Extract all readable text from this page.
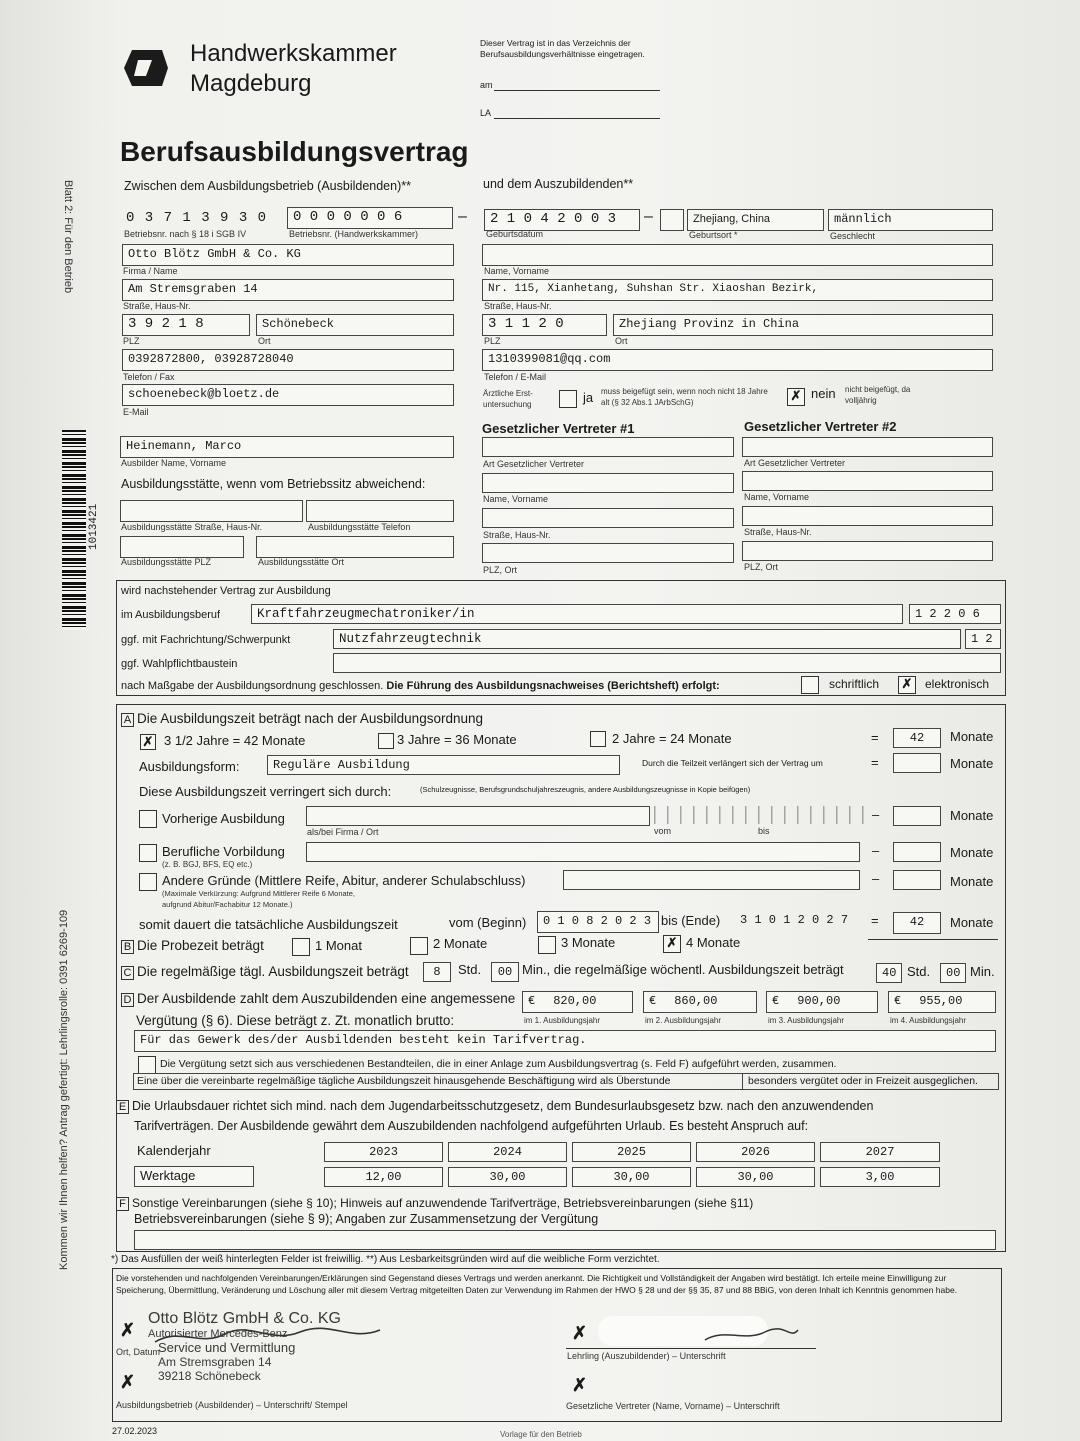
Blatt 2: Für den Betrieb
1013421
Kommen wir Ihnen helfen? Antrag gefertigt: Lehrlingsrolle: 0391 6269-109
Handwerkskammer
Magdeburg
Dieser Vertrag ist in das Verzeichnis der Berufsausbildungsverhältnisse eingetragen.
am
LA
Berufsausbildungsvertrag
Zwischen dem Ausbildungsbetrieb (Ausbildenden)**	und dem Auszubildenden**
0 3 7 1 3 9 3 0
Betriebsnr. nach § 18 i SGB IV
0 0 0 0 0 0 6
Betriebsnr. (Handwerkskammer)
–	2 1 0 4 2 0 0 3
Geburtsdatum
–	Zhejiang, China
Geburtsort *
männlich
Geschlecht
Otto Blötz GmbH & Co. KG
Firma / Name
Am Stremsgraben 14
Straße, Haus-Nr.
3 9 2 1 8
PLZ
Schönebeck
Ort
0392872800, 03928728040
Telefon / Fax
schoenebeck@bloetz.de
E-Mail
Heinemann, Marco
Ausbilder Name, Vorname
Ausbildungsstätte, wenn vom Betriebssitz abweichend:
Ausbildungsstätte Straße, Haus-Nr.	Ausbildungsstätte Telefon
Ausbildungsstätte PLZ	Ausbildungsstätte Ort
Name, Vorname
Nr. 115, Xianhetang, Suhshan Str. Xiaoshan Bezirk,
Straße, Haus-Nr.
3 1 1 2 0
PLZ
Zhejiang Provinz in China
Ort
1310399081@qq.com
Telefon / E-Mail
Ärztliche Erst-untersuchung	ja muss beigefügt sein, wenn noch nicht 18 Jahre alt (§ 32 Abs.1 JArbSchG)	✗ nein nicht beigefügt, da volljährig
Gesetzlicher Vertreter #1	Gesetzlicher Vertreter #2
Art Gesetzlicher Vertreter	Art Gesetzlicher Vertreter
Name, Vorname	Name, Vorname
Straße, Haus-Nr.	Straße, Haus-Nr.
PLZ, Ort	PLZ, Ort
wird nachstehender Vertrag zur Ausbildung
im Ausbildungsberuf	Kraftfahrzeugmechatroniker/in	1 2 2 0 6
ggf. mit Fachrichtung/Schwerpunkt	Nutzfahrzeugtechnik	1 2
ggf. Wahlpflichtbaustein
nach Maßgabe der Ausbildungsordnung geschlossen. Die Führung des Ausbildungsnachweises (Berichtsheft) erfolgt:	schriftlich ✗ elektronisch
A Die Ausbildungszeit beträgt nach der Ausbildungsordnung
✗ 3 1/2 Jahre = 42 Monate	3 Jahre = 36 Monate	2 Jahre = 24 Monate	=	42	Monate
Ausbildungsform:	Reguläre Ausbildung	Durch die Teilzeit verlängert sich der Vertrag um	=	Monate
Diese Ausbildungszeit verringert sich durch:	(Schulzeugnisse, Berufsgrundschuljahreszeugnis, andere Ausbildungszeugnisse in Kopie beifügen)
Vorherige Ausbildung
als/bei Firma / Ort	vom	bis
–	Monate
Berufliche Vorbildung
(z. B. BGJ, BFS, EQ etc.)
–	Monate
Andere Gründe (Mittlere Reife, Abitur, anderer Schulabschluss)
(Maximale Verkürzung: Aufgrund Mittlerer Reife 6 Monate,
aufgrund Abitur/Fachabitur 12 Monate.)
–	Monate
somit dauert die tatsächliche Ausbildungszeit	vom (Beginn)	0 1 0 8 2 0 2 3 bis (Ende)	3 1 0 1 2 0 2 7	=	42	Monate
B Die Probezeit beträgt	1 Monat	2 Monate	3 Monate	✗ 4 Monate
C Die regelmäßige tägl. Ausbildungszeit beträgt	8	Std.	00 Min., die regelmäßige wöchentl. Ausbildungszeit beträgt	40 Std.	00 Min.
D Der Ausbildende zahlt dem Auszubildenden eine angemessene
Vergütung (§ 6). Diese beträgt z. Zt. monatlich brutto:
€ 820,00
im 1. Ausbildungsjahr
€ 860,00
im 2. Ausbildungsjahr
€ 900,00
im 3. Ausbildungsjahr
€ 955,00
im 4. Ausbildungsjahr
Für das Gewerk des/der Ausbildenden besteht kein Tarifvertrag.
Die Vergütung setzt sich aus verschiedenen Bestandteilen, die in einer Anlage zum Ausbildungsvertrag (s. Feld F) aufgeführt werden, zusammen.
Eine über die vereinbarte regelmäßige tägliche Ausbildungszeit hinausgehende Beschäftigung wird als Überstunde	besonders vergütet oder in Freizeit ausgeglichen.
E Die Urlaubsdauer richtet sich mind. nach dem Jugendarbeitsschutzgesetz, dem Bundesurlaubsgesetz bzw. nach den anzuwendenden
Tarifverträgen. Der Ausbildende gewährt dem Auszubildenden nachfolgend aufgeführten Urlaub. Es besteht Anspruch auf:
Kalenderjahr
Werktage
2023	2024	2025	2026	2027
12,00	30,00	30,00	30,00	3,00
F Sonstige Vereinbarungen (siehe § 10); Hinweis auf anzuwendende Tarifverträge, Betriebsvereinbarungen (siehe §11)
Betriebsvereinbarungen (siehe § 9); Angaben zur Zusammensetzung der Vergütung
*) Das Ausfüllen der weiß hinterlegten Felder ist freiwillig. **) Aus Lesbarkeitsgründen wird auf die weibliche Form verzichtet.
Die vorstehenden und nachfolgenden Vereinbarungen/Erklärungen sind Gegenstand dieses Vertrags und werden anerkannt. Die Richtigkeit und Vollständigkeit der Angaben wird bestätigt. Ich erteile meine Einwilligung zur Speicherung, Übermittlung, Veränderung und Löschung aller mit diesem Vertrag mitgeteilten Daten zur Verwendung im Rahmen der HWO § 28 und der §§ 35, 87 und 88 BBiG, von deren Inhalt ich Kenntnis genommen habe.
✗
Otto Blötz GmbH & Co. KG
Autorisierter Mercedes-Benz
Service und Vermittlung
Am Stremsgraben 14
39218 Schönebeck
Ort, Datum
✗
Ausbildungsbetrieb (Ausbildender) – Unterschrift/ Stempel
✗
Lehrling (Auszubildender) – Unterschrift
✗
Gesetzliche Vertreter (Name, Vorname) – Unterschrift
27.02.2023	Vorlage für den Betrieb
